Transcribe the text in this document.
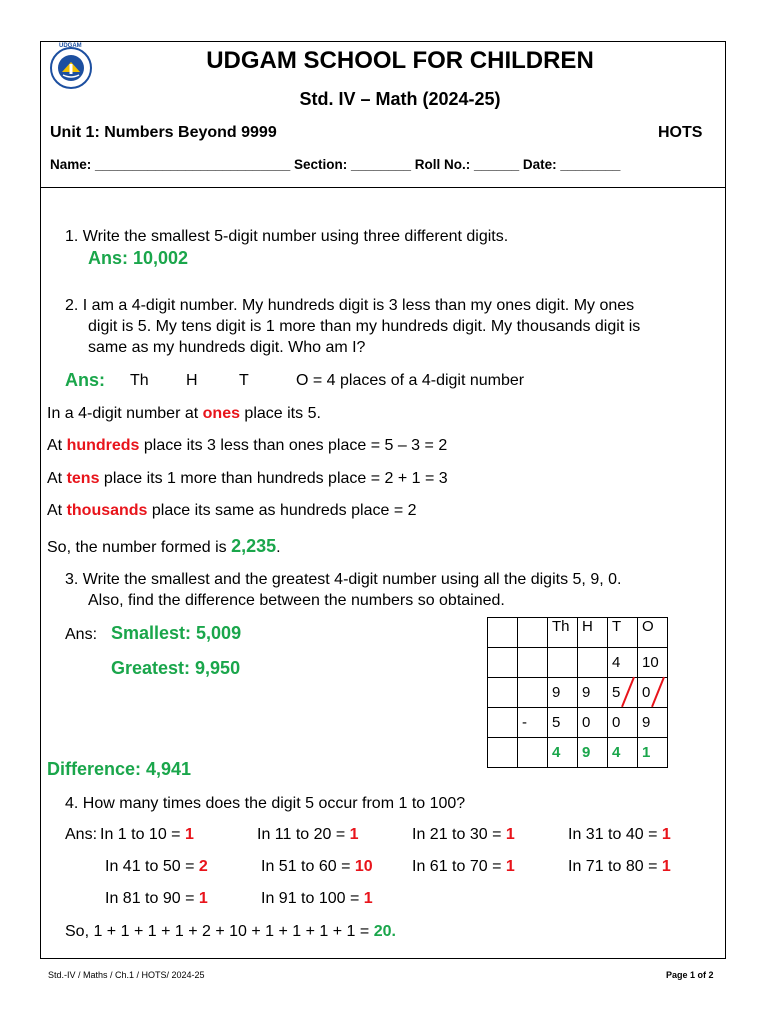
UDGAM
UDGAM SCHOOL FOR CHILDREN
Std. IV – Math (2024-25)
Unit 1: Numbers Beyond 9999	HOTS
Name: __________________________ Section: ________ Roll No.: ______ Date: ________
1. Write the smallest 5-digit number using three different digits.
Ans: 10,002
2. I am a 4-digit number. My hundreds digit is 3 less than my ones digit. My ones
digit is 5. My tens digit is 1 more than my hundreds digit. My thousands digit is
same as my hundreds digit. Who am I?
Ans: Th H	T	O = 4 places of a 4-digit number
In a 4-digit number at ones place its 5.
At hundreds place its 3 less than ones place = 5 – 3 = 2
At tens place its 1 more than hundreds place = 2 + 1 = 3
At thousands place its same as hundreds place = 2
So, the number formed is 2,235.
3. Write the smallest and the greatest 4-digit number using all the digits 5, 9, 0.
Also, find the difference between the numbers so obtained.
Ans: Smallest: 5,009
Greatest: 9,950
Difference: 4,941
		Th	H	T	O
				4	10
		9	9	5	0
	-	5	0	0	9
		4	9	4	1
4. How many times does the digit 5 occur from 1 to 100?
Ans: In 1 to 10 = 1	In 11 to 20 = 1	In 21 to 30 = 1	In 31 to 40 = 1
In 41 to 50 = 2	In 51 to 60 = 10 In 61 to 70 = 1	In 71 to 80 = 1
In 81 to 90 = 1	In 91 to 100 = 1
So, 1 + 1 + 1 + 1 + 2 + 10 + 1 + 1 + 1 + 1 = 20.
Std.-IV / Maths / Ch.1 / HOTS/ 2024-25	Page 1 of 2
